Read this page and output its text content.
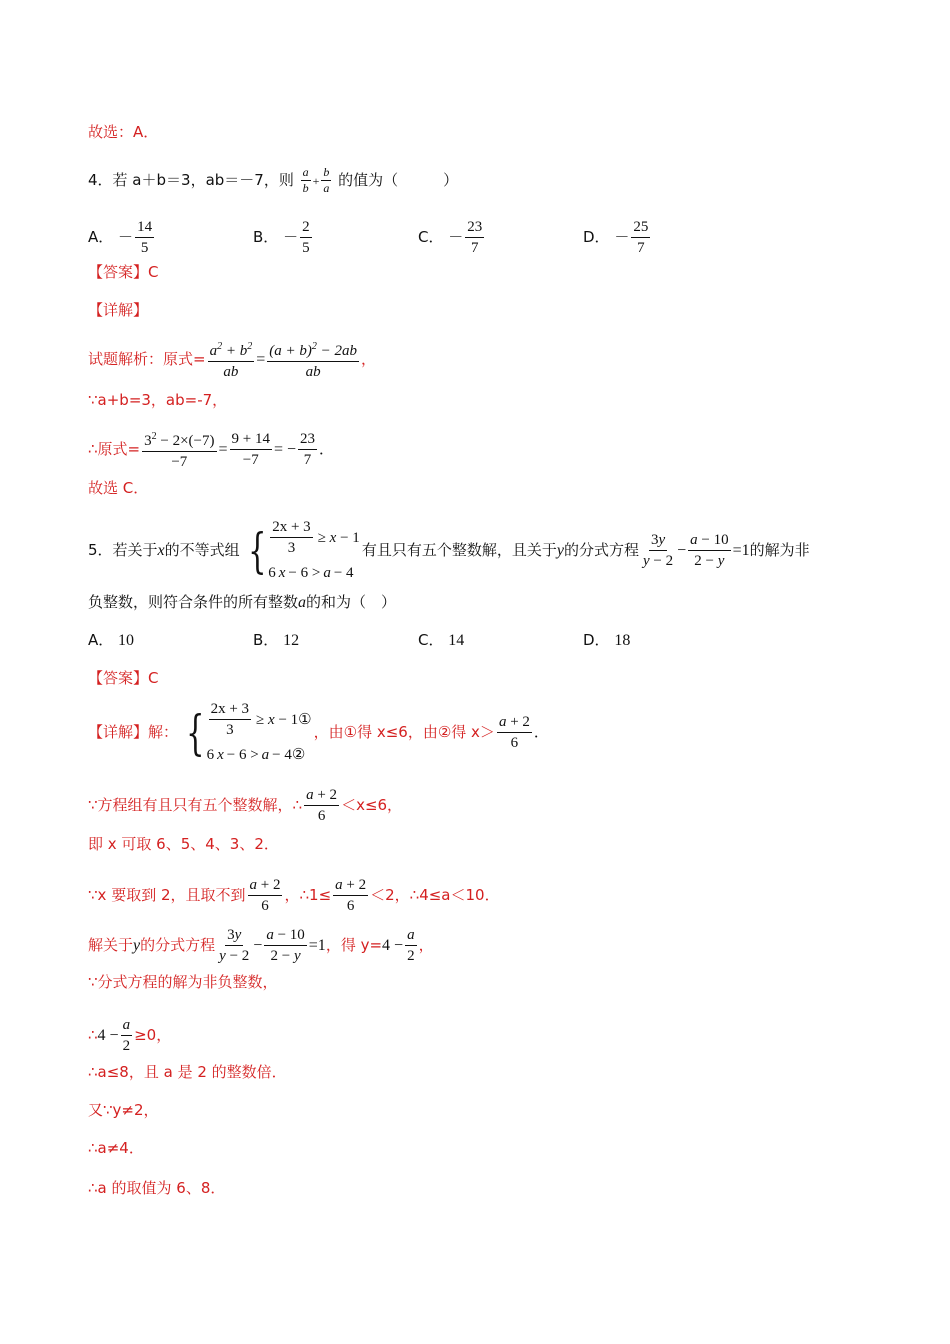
故选：A．
4．若 a＋b＝3，ab＝－7，则 $\frac{a}{b} + \frac{b}{a}$ 的值为（　　　）
A． － $\frac{14}{5}$	B． － $\frac{2}{5}$	C． － $\frac{23}{7}$	D． － $\frac{25}{7}$
【答案】C
【详解】
试题解析：原式= $\frac{a^2 + b^2}{ab} = \frac{(a + b)^2 - 2ab}{ab}$ ，
∵a+b=3，ab=-7，
∴原式= $\frac{3^2 - 2\times(-7)}{-7} = \frac{9 + 14}{-7}$ = − $\frac{23}{7}$ ．
故选 C．
5．若关于x的不等式组 { $\frac{2x + 3}{3} \ge x - 1$
6 x − 6 > a − 4
有且只有五个整数解，且关于y的分式方程 $\frac{3y}{y - 2} - \frac{a - 10}{2 - y} =1$的解为非
负整数，则符合条件的所有整数a的和为（　）
A． 10	B． 12	C． 14	D． 18
【答案】C
【详解】解： { $\frac{2x + 3}{3} \ge x$ − 1①
6 x − 6 > a − 4②
，由①得 x≤6，由②得 $x> \frac{a + 2}{6}$ ．
∵方程组有且只有五个整数解，∴ $\frac{a + 2}{6} <x\le 6$，
即 x 可取 6、5、4、3、2．
∵x 要取到 2，且取不到 $\frac{a + 2}{6}$ ，∴1≤ $\frac{a + 2}{6} <2$，∴4≤a＜10．
解关于y的分式方程 $\frac{3y}{y - 2} - \frac{a - 10}{2 - y} =1$，得 $y=4 - \frac{a}{2}$ ，
∵分式方程的解为非负整数，
∴4 − $\frac{a}{2} \ge 0$，
∴a≤8，且 a 是 2 的整数倍．
又∵y≠2，
∴a≠4．
∴a 的取值为 6、8．
